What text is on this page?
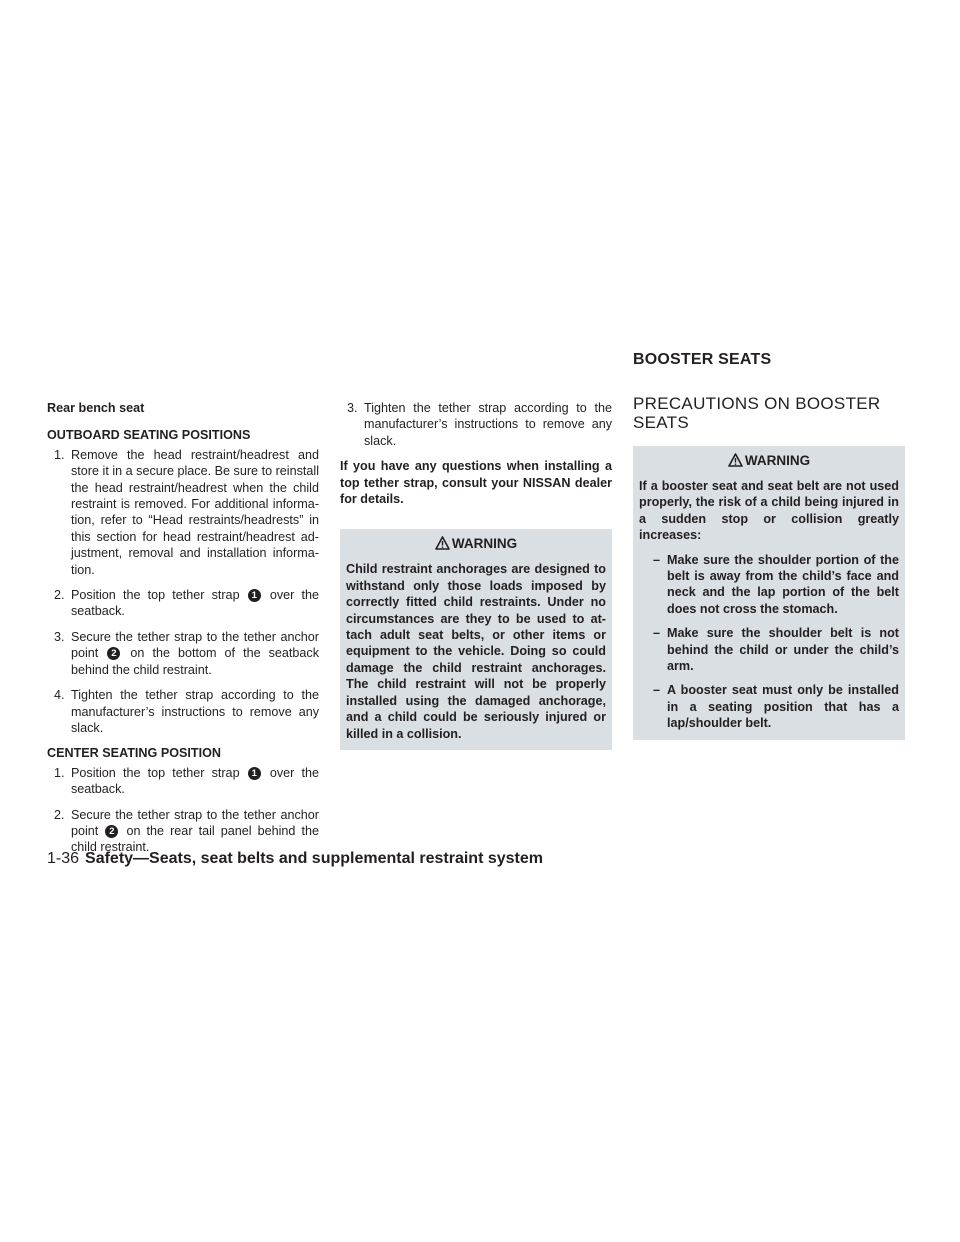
BOOSTER SEATS

Rear bench seat

OUTBOARD SEATING POSITIONS

1. Remove the head restraint/headrest and store it in a secure place. Be sure to reinstall the head restraint/headrest when the child restraint is removed. For additional informa-tion, refer to “Head restraints/headrests” in this section for head restraint/headrest ad-justment, removal and installation informa-tion.

2. Position the top tether strap 1 over the seatback.

3. Secure the tether strap to the tether anchor point 2 on the bottom of the seatback behind the child restraint.

4. Tighten the tether strap according to the manufacturer’s instructions to remove any slack.

CENTER SEATING POSITION

1. Position the top tether strap 1 over the seatback.

2. Secure the tether strap to the tether anchor point 2 on the rear tail panel behind the child restraint.

3. Tighten the tether strap according to the manufacturer’s instructions to remove any slack.

If you have any questions when installing a top tether strap, consult your NISSAN dealer for details.

WARNING

Child restraint anchorages are designed to withstand only those loads imposed by correctly fitted child restraints. Under no circumstances are they to be used to at-tach adult seat belts, or other items or equipment to the vehicle. Doing so could damage the child restraint anchorages. The child restraint will not be properly installed using the damaged anchorage, and a child could be seriously injured or killed in a collision.

PRECAUTIONS ON BOOSTER SEATS

WARNING

If a booster seat and seat belt are not used properly, the risk of a child being injured in a sudden stop or collision greatly increases:

– Make sure the shoulder portion of the belt is away from the child’s face and neck and the lap portion of the belt does not cross the stomach.

– Make sure the shoulder belt is not behind the child or under the child’s arm.

– A booster seat must only be installed in a seating position that has a lap/shoulder belt.

1-36 Safety—Seats, seat belts and supplemental restraint system
